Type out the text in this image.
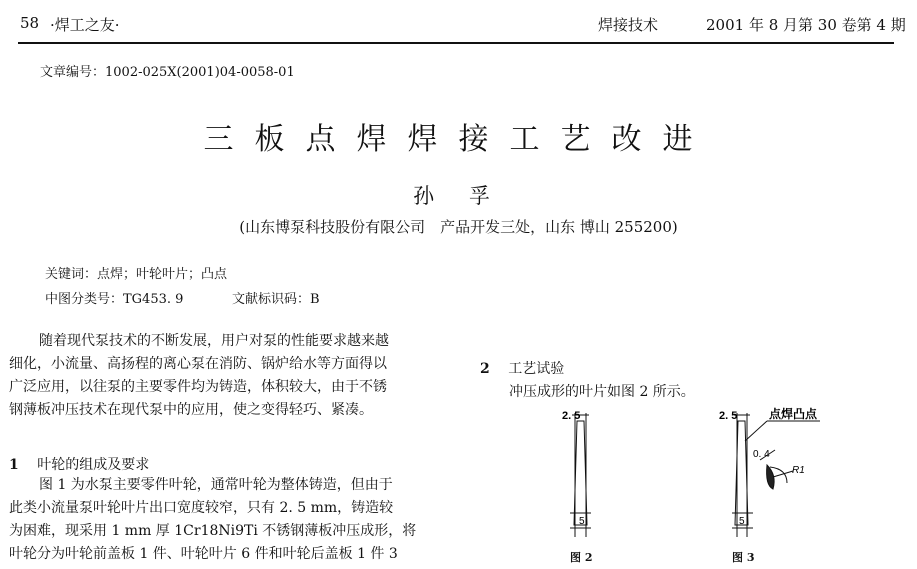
58 ·焊工之友·	焊接技术	2001 年 8 月第 30 卷第 4 期
文章编号：1002-025X(2001)04-0058-01
三板点焊焊接工艺改进
孙 孚
(山东博泵科技股份有限公司　产品开发三处，山东 博山 255200)
关键词：点焊；叶轮叶片；凸点
中图分类号：TG453. 9	文献标识码：B

随着现代泵技术的不断发展，用户对泵的性能要求越来越

细化，小流量、高扬程的离心泵在消防、锅炉给水等方面得以

广泛应用，以往泵的主要零件均为铸造，体积较大，由于不锈

钢薄板冲压技术在现代泵中的应用，使之变得轻巧、紧凑。

1 叶轮的组成及要求

图 1 为水泵主要零件叶轮，通常叶轮为整体铸造，但由于

此类小流量泵叶轮叶片出口宽度较窄，只有 2. 5 mm，铸造较

为困难，现采用 1 mm 厚 1Cr18Ni9Ti 不锈钢薄板冲压成形，将

叶轮分为叶轮前盖板 1 件、叶轮叶片 6 件和叶轮后盖板 1 件 3

2 工艺试验
冲压成形的叶片如图 2 所示。
2. 5
5
图 2
2. 5	点焊凸点
0. 4
R1
5
图 3
